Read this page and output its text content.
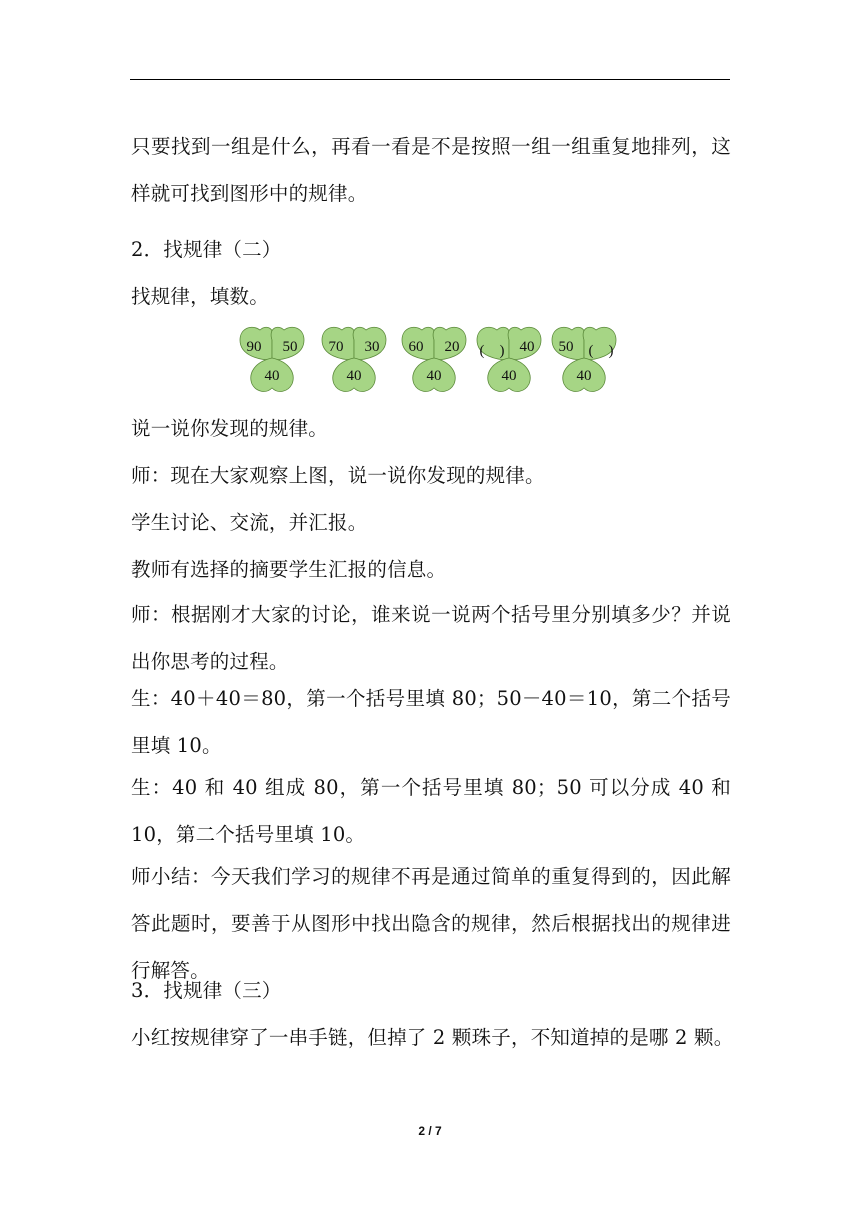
只要找到一组是什么，再看一看是不是按照一组一组重复地排列，这样就可找到图形中的规律。
2．找规律（二）
找规律，填数。
90	50
40
70	30
40
60	20
40
(　)	40
40
50	(　)
40
说一说你发现的规律。
师：现在大家观察上图，说一说你发现的规律。
学生讨论、交流，并汇报。
教师有选择的摘要学生汇报的信息。
师：根据刚才大家的讨论，谁来说一说两个括号里分别填多少？并说出你思考的过程。
生：40＋40＝80，第一个括号里填 80；50－40＝10，第二个括号里填 10。
生：40 和 40 组成 80，第一个括号里填 80；50 可以分成 40 和 10，第二个括号里填 10。
师小结：今天我们学习的规律不再是通过简单的重复得到的，因此解答此题时，要善于从图形中找出隐含的规律，然后根据找出的规律进行解答。
3．找规律（三）
小红按规律穿了一串手链，但掉了 2 颗珠子，不知道掉的是哪 2 颗。
2 / 7
